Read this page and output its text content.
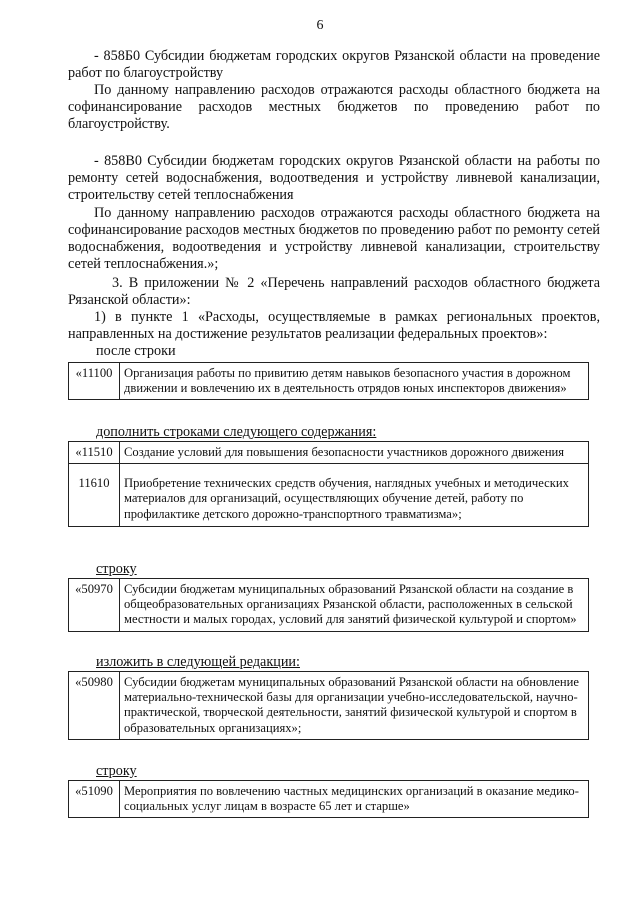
6

- 858Б0 Субсидии бюджетам городских округов Рязанской области на проведение работ по благоустройству

По данному направлению расходов отражаются расходы областного бюджета на софинансирование расходов местных бюджетов по проведению работ по благоустройству.

- 858В0 Субсидии бюджетам городских округов Рязанской области на работы по ремонту сетей водоснабжения, водоотведения и устройству ливневой канализации, строительству сетей теплоснабжения

По данному направлению расходов отражаются расходы областного бюджета на софинансирование расходов местных бюджетов по проведению работ по ремонту сетей водоснабжения, водоотведения и устройству ливневой канализации, строительству сетей теплоснабжения.»;

3. В приложении № 2 «Перечень направлений расходов областного бюджета Рязанской области»:

1) в пункте 1 «Расходы, осуществляемые в рамках региональных проектов, направленных на достижение результатов реализации федеральных проектов»:

после строки
«11100	Организация работы по привитию детям навыков безопасного участия в дорожном движении и вовлечению их в деятельность отрядов юных инспекторов движения»
дополнить строками следующего содержания:
«11510	Создание условий для повышения безопасности участников дорожного движения
11610	Приобретение технических средств обучения, наглядных учебных и методических материалов для организаций, осуществляющих обучение детей, работу по профилактике детского дорожно-транспортного травматизма»;
строку
«50970	Субсидии бюджетам муниципальных образований Рязанской области на создание в общеобразовательных организациях Рязанской области, расположенных в сельской местности и малых городах, условий для занятий физической культурой и спортом»
изложить в следующей редакции:
«50980	Субсидии бюджетам муниципальных образований Рязанской области на обновление материально-технической базы для организации учебно-исследовательской, научно-практической, творческой деятельности, занятий физической культурой и спортом в образовательных организациях»;
строку
«51090	Мероприятия по вовлечению частных медицинских организаций в оказание медико-социальных услуг лицам в возрасте 65 лет и старше»
